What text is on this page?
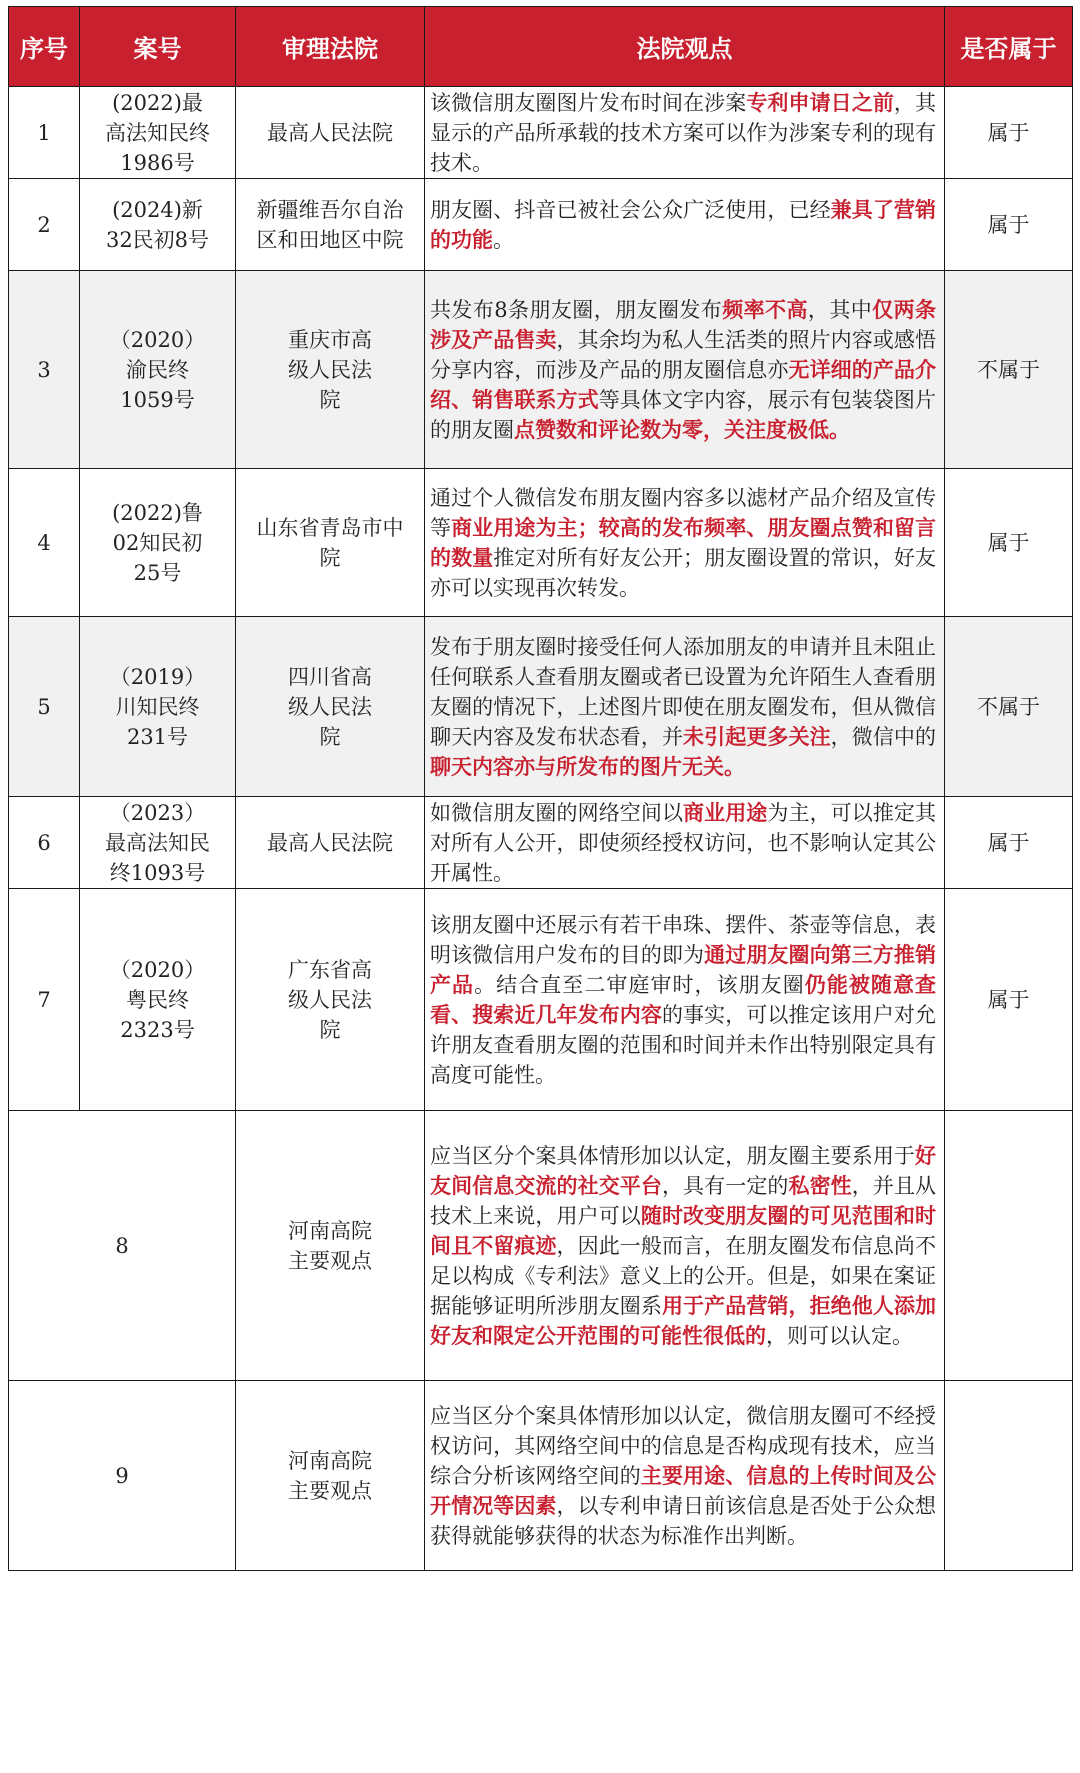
序号	案号	审理法院	法院观点	是否属于
1	(2022)最高法知民终1986号	最高人民法院	该微信朋友圈图片发布时间在涉案专利申请日之前，其显示的产品所承载的技术方案可以作为涉案专利的现有技术。	属于
2	(2024)新32民初8号	新疆维吾尔自治区和田地区中院	朋友圈、抖音已被社会公众广泛使用，已经兼具了营销的功能。	属于
3	（2020）渝民终1059号	重庆市高级人民法院	共发布8条朋友圈，朋友圈发布频率不高，其中仅两条涉及产品售卖，其余均为私人生活类的照片内容或感悟分享内容，而涉及产品的朋友圈信息亦无详细的产品介绍、销售联系方式等具体文字内容，展示有包装袋图片的朋友圈点赞数和评论数为零，关注度极低。	不属于
4	(2022)鲁02知民初25号	山东省青岛市中院	通过个人微信发布朋友圈内容多以滤材产品介绍及宣传等商业用途为主；较高的发布频率、朋友圈点赞和留言的数量推定对所有好友公开；朋友圈设置的常识，好友亦可以实现再次转发。	属于
5	（2019）川知民终231号	四川省高级人民法院	发布于朋友圈时接受任何人添加朋友的申请并且未阻止任何联系人查看朋友圈或者已设置为允许陌生人查看朋友圈的情况下，上述图片即使在朋友圈发布，但从微信聊天内容及发布状态看，并未引起更多关注，微信中的聊天内容亦与所发布的图片无关。	不属于
6	（2023）最高法知民终1093号	最高人民法院	如微信朋友圈的网络空间以商业用途为主，可以推定其对所有人公开，即使须经授权访问，也不影响认定其公开属性。	属于
7	（2020）粤民终2323号	广东省高级人民法院	该朋友圈中还展示有若干串珠、摆件、茶壶等信息，表明该微信用户发布的目的即为通过朋友圈向第三方推销产品。结合直至二审庭审时，该朋友圈仍能被随意查看、搜索近几年发布内容的事实，可以推定该用户对允许朋友查看朋友圈的范围和时间并未作出特别限定具有高度可能性。	属于
8		河南高院主要观点	应当区分个案具体情形加以认定，朋友圈主要系用于好友间信息交流的社交平台，具有一定的私密性，并且从技术上来说，用户可以随时改变朋友圈的可见范围和时间且不留痕迹，因此一般而言，在朋友圈发布信息尚不足以构成《专利法》意义上的公开。但是，如果在案证据能够证明所涉朋友圈系用于产品营销，拒绝他人添加好友和限定公开范围的可能性很低的，则可以认定。	
9		河南高院主要观点	应当区分个案具体情形加以认定，微信朋友圈可不经授权访问，其网络空间中的信息是否构成现有技术，应当综合分析该网络空间的主要用途、信息的上传时间及公开情况等因素，以专利申请日前该信息是否处于公众想获得就能够获得的状态为标准作出判断。	
